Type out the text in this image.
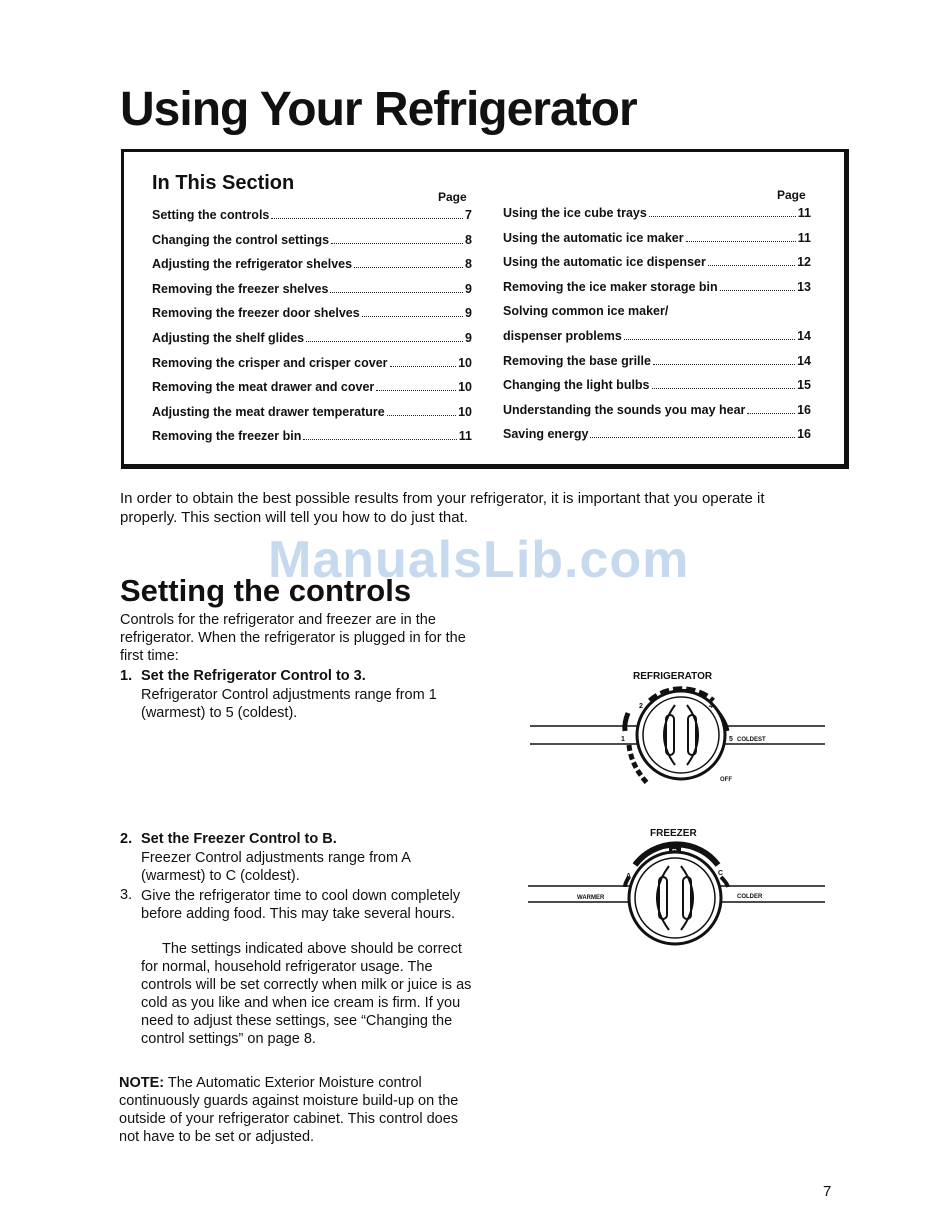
Using Your Refrigerator
In This Section
Page	Page
Setting the controls	7
Changing the control settings	8
Adjusting the refrigerator shelves	8
Removing the freezer shelves	9
Removing the freezer door shelves	9
Adjusting the shelf glides	9
Removing the crisper and crisper cover	10
Removing the meat drawer and cover	10
Adjusting the meat drawer temperature	10
Removing the freezer bin	11
Using the ice cube trays	11
Using the automatic ice maker	11
Using the automatic ice dispenser	12
Removing the ice maker storage bin	13
Solving common ice maker/
dispenser problems	14
Removing the base grille	14
Changing the light bulbs	15
Understanding the sounds you may hear	16
Saving energy	16

In order to obtain the best possible results from your refrigerator, it is important that you operate it properly. This section will tell you how to do just that.

ManualsLib.com
Setting the controls

Controls for the refrigerator and freezer are in the refrigerator. When the refrigerator is plugged in for the first time:

1. Set the Refrigerator Control to 3.

Refrigerator Control adjustments range from 1 (warmest) to 5 (coldest).

2. Set the Freezer Control to B.

Freezer Control adjustments range from A (warmest) to C (coldest).

3. Give the refrigerator time to cool down completely before adding food. This may take several hours.

The settings indicated above should be correct for normal, household refrigerator usage. The controls will be set correctly when milk or juice is as cold as you like and when ice cream is firm. If you need to adjust these settings, see “Changing the control settings” on page 8.

NOTE: The Automatic Exterior Moisture control continuously guards against moisture build-up on the outside of your refrigerator cabinet. This control does not have to be set or adjusted.

REFRIGERATOR
1
2	4
5 COLDEST
OFF
FREEZER
A	C
WARMER	COLDER
7
